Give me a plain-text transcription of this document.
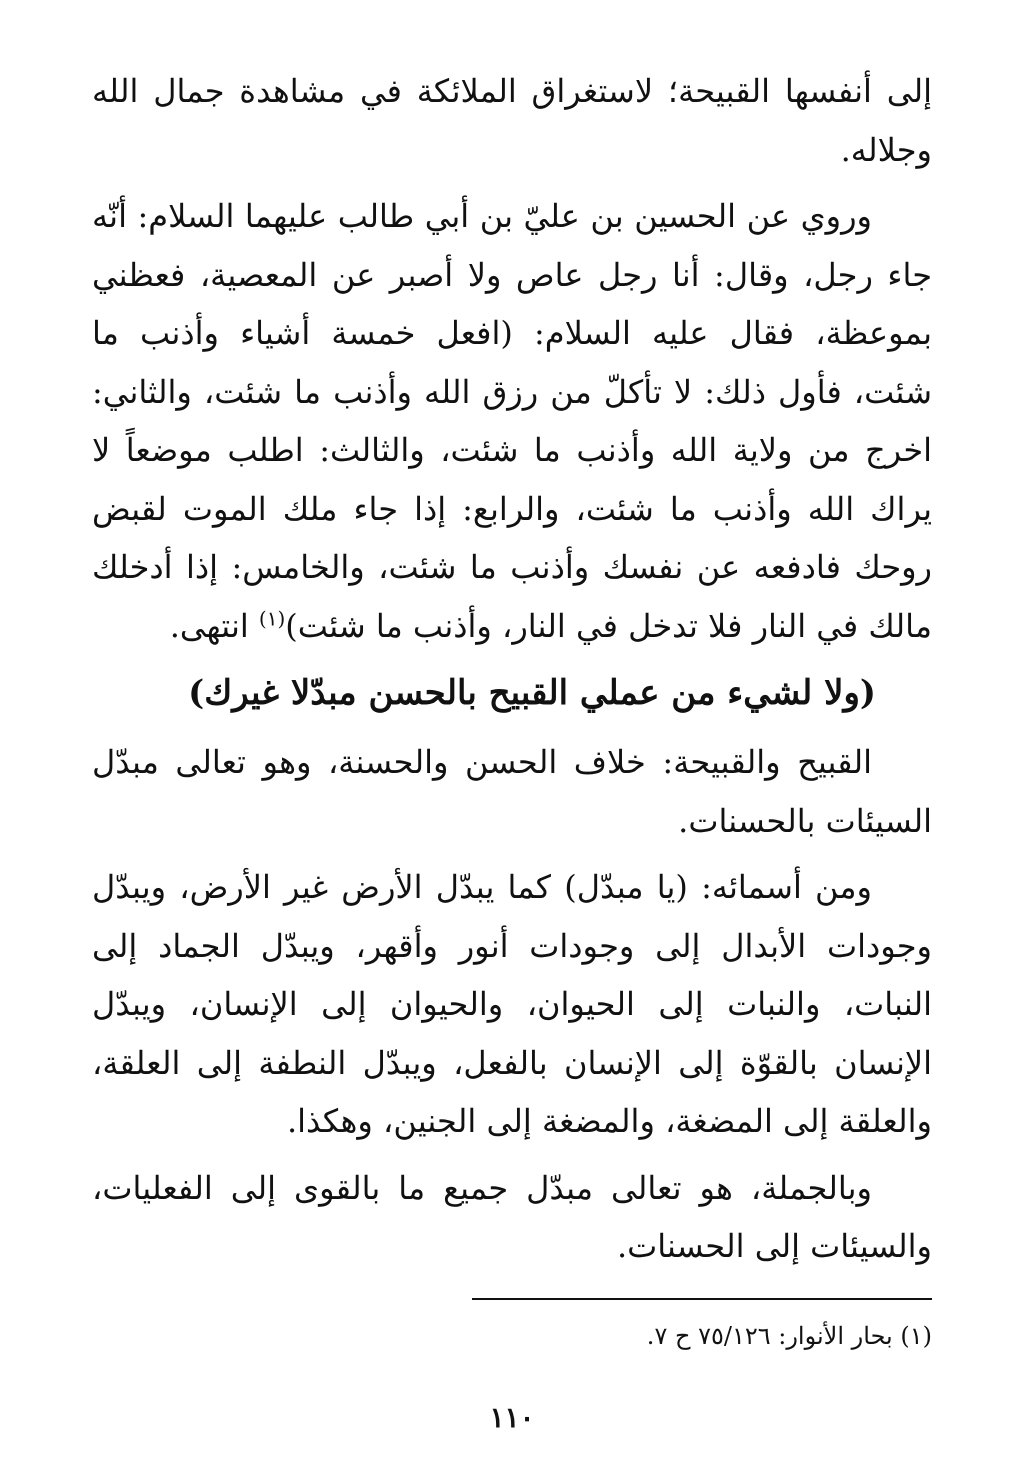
إلى أنفسها القبيحة؛ لاستغراق الملائكة في مشاهدة جمال الله وجلاله.

وروي عن الحسين بن عليّ بن أبي طالب عليهما السلام: أنّه جاء رجل، وقال: أنا رجل عاص ولا أصبر عن المعصية، فعظني بموعظة، فقال عليه السلام: (افعل خمسة أشياء وأذنب ما شئت، فأول ذلك: لا تأكلّ من رزق الله وأذنب ما شئت، والثاني: اخرج من ولاية الله وأذنب ما شئت، والثالث: اطلب موضعاً لا يراك الله وأذنب ما شئت، والرابع: إذا جاء ملك الموت لقبض روحك فادفعه عن نفسك وأذنب ما شئت، والخامس: إذا أدخلك مالك في النار فلا تدخل في النار، وأذنب ما شئت)$^{(١)}$ انتهى.

(ولا لشيء من عملي القبيح بالحسن مبدّلا غيرك)

القبيح والقبيحة: خلاف الحسن والحسنة، وهو تعالى مبدّل السيئات بالحسنات.

ومن أسمائه: (يا مبدّل) كما يبدّل الأرض غير الأرض، ويبدّل وجودات الأبدال إلى وجودات أنور وأقهر، ويبدّل الجماد إلى النبات، والنبات إلى الحيوان، والحيوان إلى الإنسان، ويبدّل الإنسان بالقوّة إلى الإنسان بالفعل، ويبدّل النطفة إلى العلقة، والعلقة إلى المضغة، والمضغة إلى الجنين، وهكذا.

وبالجملة، هو تعالى مبدّل جميع ما بالقوى إلى الفعليات، والسيئات إلى الحسنات.

(١) بحار الأنوار: ٧٥/١٢٦ ح ٧.
١١٠
